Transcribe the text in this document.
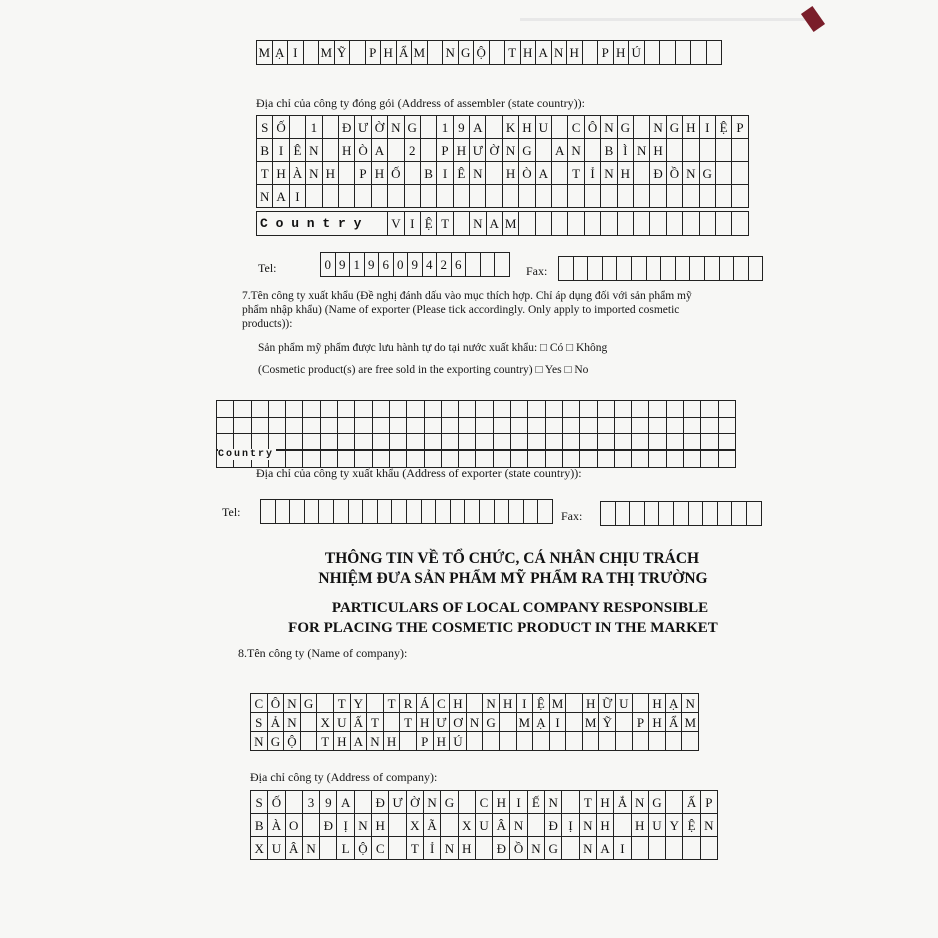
M Ạ I	M Ỹ P H Ẩ M N G Ộ T H A N H P H Ú
Địa chỉ của công ty đóng gói (Address of assembler (state country)):
S Ố	1	Đ Ư Ờ N G	1 9 A	K H U	C Ô N G	N G H I Ệ P
B I Ê N	H Ò A	2	P H Ư Ờ N G	A N	B Ì N H
T H À N H	P H Ố	B I Ê N	H Ò A	T Ỉ N H	Đ Ồ N G
N A I
C o u n t r y	V I Ệ T	N A M
Tel:	0 9 1 9 6 0 9 4 2 6	Fax:
7.Tên công ty xuất khẩu (Đề nghị đánh dấu vào mục thích hợp. Chỉ áp dụng đối với sản phẩm mỹ
phẩm nhập khẩu) (Name of exporter (Please tick accordingly. Only apply to imported cosmetic
products)):
Sản phẩm mỹ phẩm được lưu hành tự do tại nước xuất khẩu: □ Có □ Không
(Cosmetic product(s) are free sold in the exporting country) □ Yes □ No
Country
Địa chỉ của công ty xuất khẩu (Address of exporter (state country)):
Tel:	Fax:
THÔNG TIN VỀ TỔ CHỨC, CÁ NHÂN CHỊU TRÁCH
NHIỆM ĐƯA SẢN PHẨM MỸ PHẨM RA THỊ TRƯỜNG
PARTICULARS OF LOCAL COMPANY RESPONSIBLE
FOR PLACING THE COSMETIC PRODUCT IN THE MARKET
8.Tên công ty (Name of company):
C Ô N G	T Y	T R Á C H	N H I Ệ M H Ữ U	H Ạ N
S Ả N	X U Ấ T	T H Ư Ơ N G	M Ạ I	M Ỹ	P H Ẩ M
N G Ộ	T H A N H	P H Ú
Địa chỉ công ty (Address of company):
S Ố	3 9 A	Đ Ư Ờ N G	C H I Ế N	T H Ắ N G	Ấ P
B À O	Đ Ị N H	X Ã	X U Â N	Đ Ị N H	H U Y Ệ N
X U Â N	L Ộ C	T Ỉ N H	Đ Ồ N G	N A I
